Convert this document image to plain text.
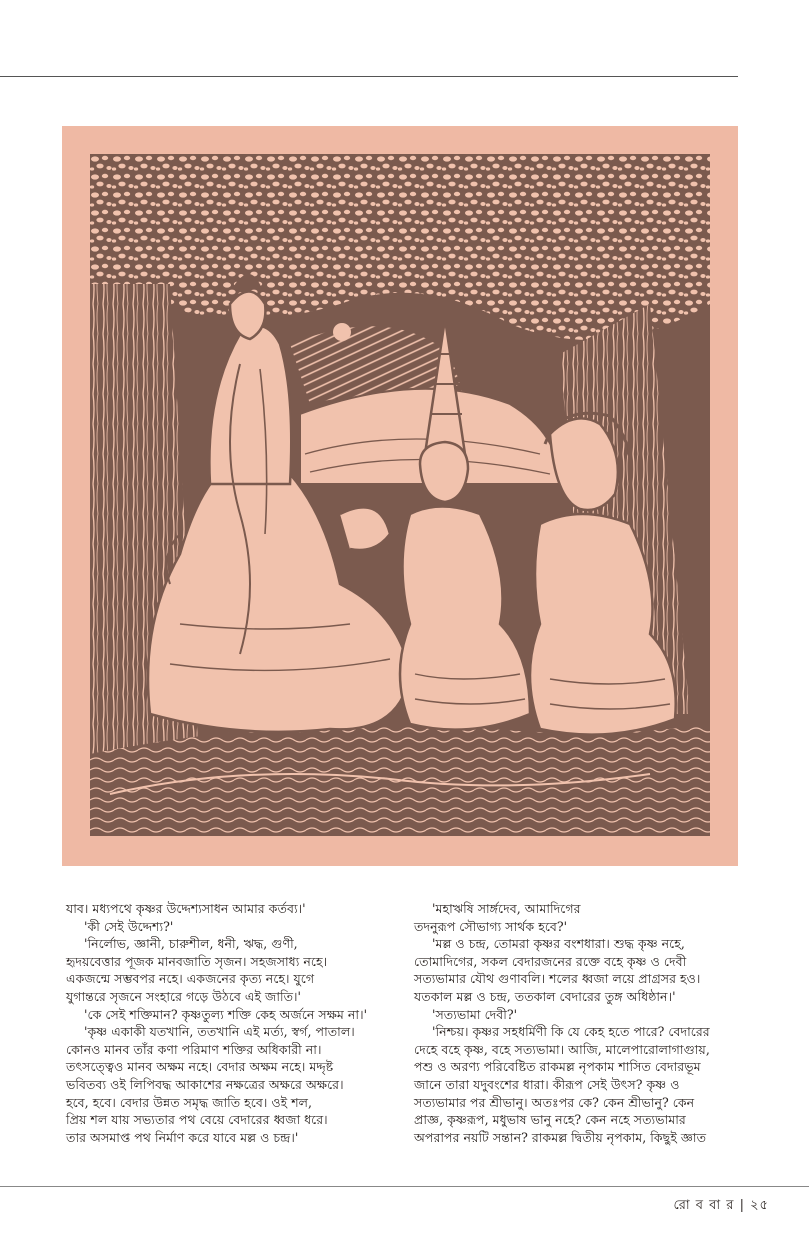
যাব। মধ্যপথে কৃষ্ণর উদ্দেশ্যসাধন আমার কর্তব্য।'

'কী সেই উদ্দেশ্য?'

'নির্লোভ, জ্ঞানী, চারুশীল, ধনী, ঋদ্ধ, গুণী,

হৃদয়বেত্তার পূজক মানবজাতি সৃজন। সহজসাধ্য নহে।

একজন্মে সম্ভবপর নহে। একজনের কৃত্য নহে। যুগে

যুগান্তরে সৃজনে সংহারে গড়ে উঠবে এই জাতি।'

'কে সেই শক্তিমান? কৃষ্ণতুল্য শক্তি কেহ অর্জনে সক্ষম না।'

'কৃষ্ণ একাকী যতখানি, ততখানি এই মর্ত্য, স্বর্গ, পাতাল।

কোনও মানব তাঁর কণা পরিমাণ শক্তির অধিকারী না।

তৎসত্ত্বেও মানব অক্ষম নহে। বেদার অক্ষম নহে। মদ্দৃষ্ট

ভবিতব্য ওই লিপিবদ্ধ আকাশের নক্ষত্রের অক্ষরে অক্ষরে।

হবে, হবে। বেদার উন্নত সমৃদ্ধ জাতি হবে। ওই শল,

প্রিয় শল যায় সভ্যতার পথ বেয়ে বেদারের ধ্বজা ধরে।

তার অসমাপ্ত পথ নির্মাণ করে যাবে মল্ল ও চন্দ্র।'

'মহাঋষি সার্ঙ্গদেব, আমাদিগের

তদনুরূপ সৌভাগ্য সার্থক হবে?'

'মল্ল ও চন্দ্র, তোমরা কৃষ্ণর বংশধারা। শুদ্ধ কৃষ্ণ নহে,

তোমাদিগের, সকল বেদারজনের রক্তে বহে কৃষ্ণ ও দেবী

সত্যভামার যৌথ গুণাবলি। শলের ধ্বজা লয়ে প্রাগ্রসর হও।

যতকাল মল্ল ও চন্দ্র, ততকাল বেদারের তুঙ্গ অধিষ্ঠান।'

'সত্যভামা দেবী?'

'নিশ্চয়। কৃষ্ণর সহধর্মিণী কি যে কেহ হতে পারে? বেদারের

দেহে বহে কৃষ্ণ, বহে সত্যভামা। আজি, মালেপারোলাগাগুায়,

পশু ও অরণ্য পরিবেষ্টিত রাকমল্ল নৃপকাম শাসিত বেদারভূম

জানে তারা যদুবংশের ধারা। কীরূপ সেই উৎস? কৃষ্ণ ও

সত্যভামার পর শ্রীভানু। অতঃপর কে? কেন শ্রীভানু? কেন

প্রাজ্ঞ, কৃষ্ণরূপ, মধুভাষ ভানু নহে? কেন নহে সত্যভামার

অপরাপর নয়টি সন্তান? রাকমল্ল দ্বিতীয় নৃপকাম, কিছুই জ্ঞাত

রো ব বা র | ২৫
